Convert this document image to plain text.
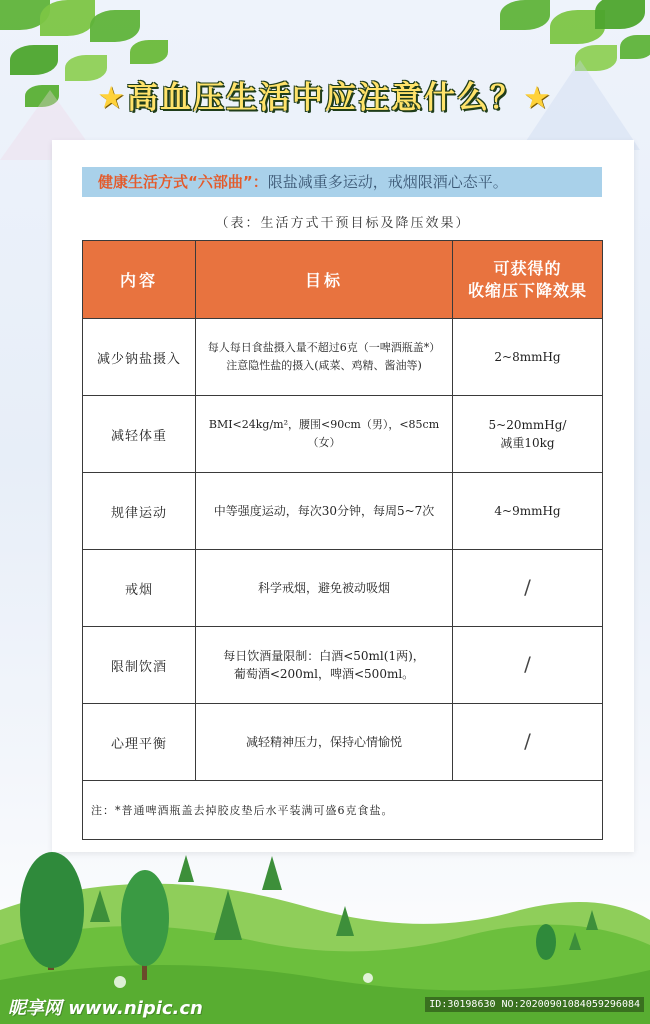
★高血压生活中应注意什么？★
健康生活方式“六部曲”：限盐减重多运动，戒烟限酒心态平。
（表：生活方式干预目标及降压效果）
内容	目标	可获得的
收缩压下降效果

减少钠盐摄入	每人每日食盐摄入量不超过6克（一啤酒瓶盖*）
注意隐性盐的摄入(咸菜、鸡精、酱油等)	2~8mmHg

减轻体重	BMI<24kg/m²，腰围<90cm（男），<85cm（女）	5~20mmHg/
减重10kg

规律运动	中等强度运动，每次30分钟，每周5~7次	4~9mmHg

戒烟	科学戒烟，避免被动吸烟	/
限制饮酒	每日饮酒量限制：白酒<50ml(1两)，
葡萄酒<200ml，啤酒<500ml。	/
心理平衡	减轻精神压力，保持心情愉悦	/
注：*普通啤酒瓶盖去掉胶皮垫后水平装满可盛6克食盐。		
昵享网 www.nipic.cn	ID:30198630 NO:20200901084059296084
